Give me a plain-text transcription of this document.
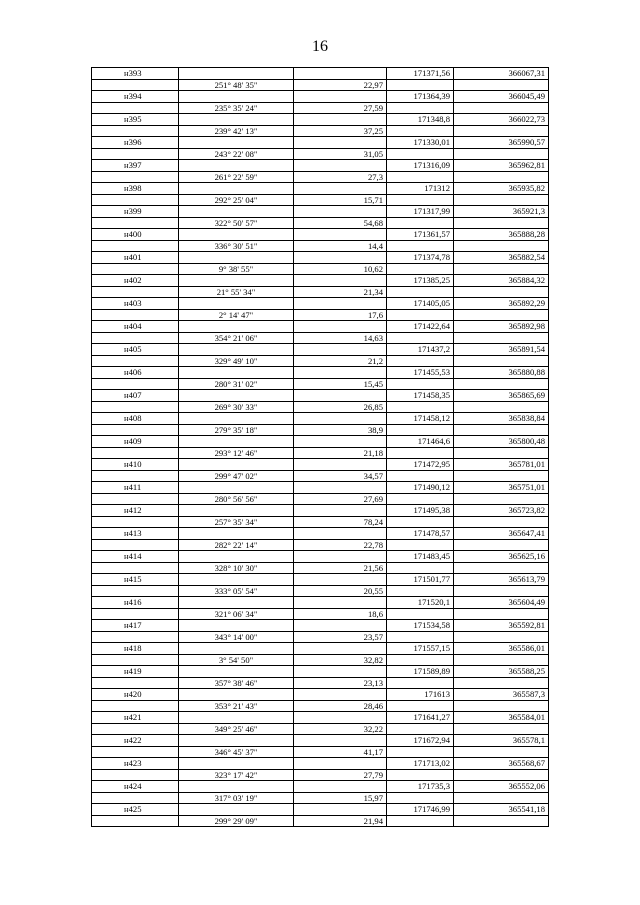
16
н393			171371,56	366067,31
	251° 48' 35"	22,97		
н394			171364,39	366045,49
	235° 35' 24"	27,59		
н395			171348,8	366022,73
	239° 42' 13"	37,25		
н396			171330,01	365990,57
	243° 22' 08"	31,05		
н397			171316,09	365962,81
	261° 22' 59"	27,3		
н398			171312	365935,82
	292° 25' 04"	15,71		
н399			171317,99	365921,3
	322° 50' 57"	54,68		
н400			171361,57	365888,28
	336° 30' 51"	14,4		
н401			171374,78	365882,54
	9° 38' 55"	10,62		
н402			171385,25	365884,32
	21° 55' 34"	21,34		
н403			171405,05	365892,29
	2° 14' 47"	17,6		
н404			171422,64	365892,98
	354° 21' 06"	14,63		
н405			171437,2	365891,54
	329° 49' 10"	21,2		
н406			171455,53	365880,88
	280° 31' 02"	15,45		
н407			171458,35	365865,69
	269° 30' 33"	26,85		
н408			171458,12	365838,84
	279° 35' 18"	38,9		
н409			171464,6	365800,48
	293° 12' 46"	21,18		
н410			171472,95	365781,01
	299° 47' 02"	34,57		
н411			171490,12	365751,01
	280° 56' 56"	27,69		
н412			171495,38	365723,82
	257° 35' 34"	78,24		
н413			171478,57	365647,41
	282° 22' 14"	22,78		
н414			171483,45	365625,16
	328° 10' 30"	21,56		
н415			171501,77	365613,79
	333° 05' 54"	20,55		
н416			171520,1	365604,49
	321° 06' 34"	18,6		
н417			171534,58	365592,81
	343° 14' 00"	23,57		
н418			171557,15	365586,01
	3° 54' 50"	32,82		
н419			171589,89	365588,25
	357° 38' 46"	23,13		
н420			171613	365587,3
	353° 21' 43"	28,46		
н421			171641,27	365584,01
	349° 25' 46"	32,22		
н422			171672,94	365578,1
	346° 45' 37"	41,17		
н423			171713,02	365568,67
	323° 17' 42"	27,79		
н424			171735,3	365552,06
	317° 03' 19"	15,97		
н425			171746,99	365541,18
	299° 29' 09"	21,94		
